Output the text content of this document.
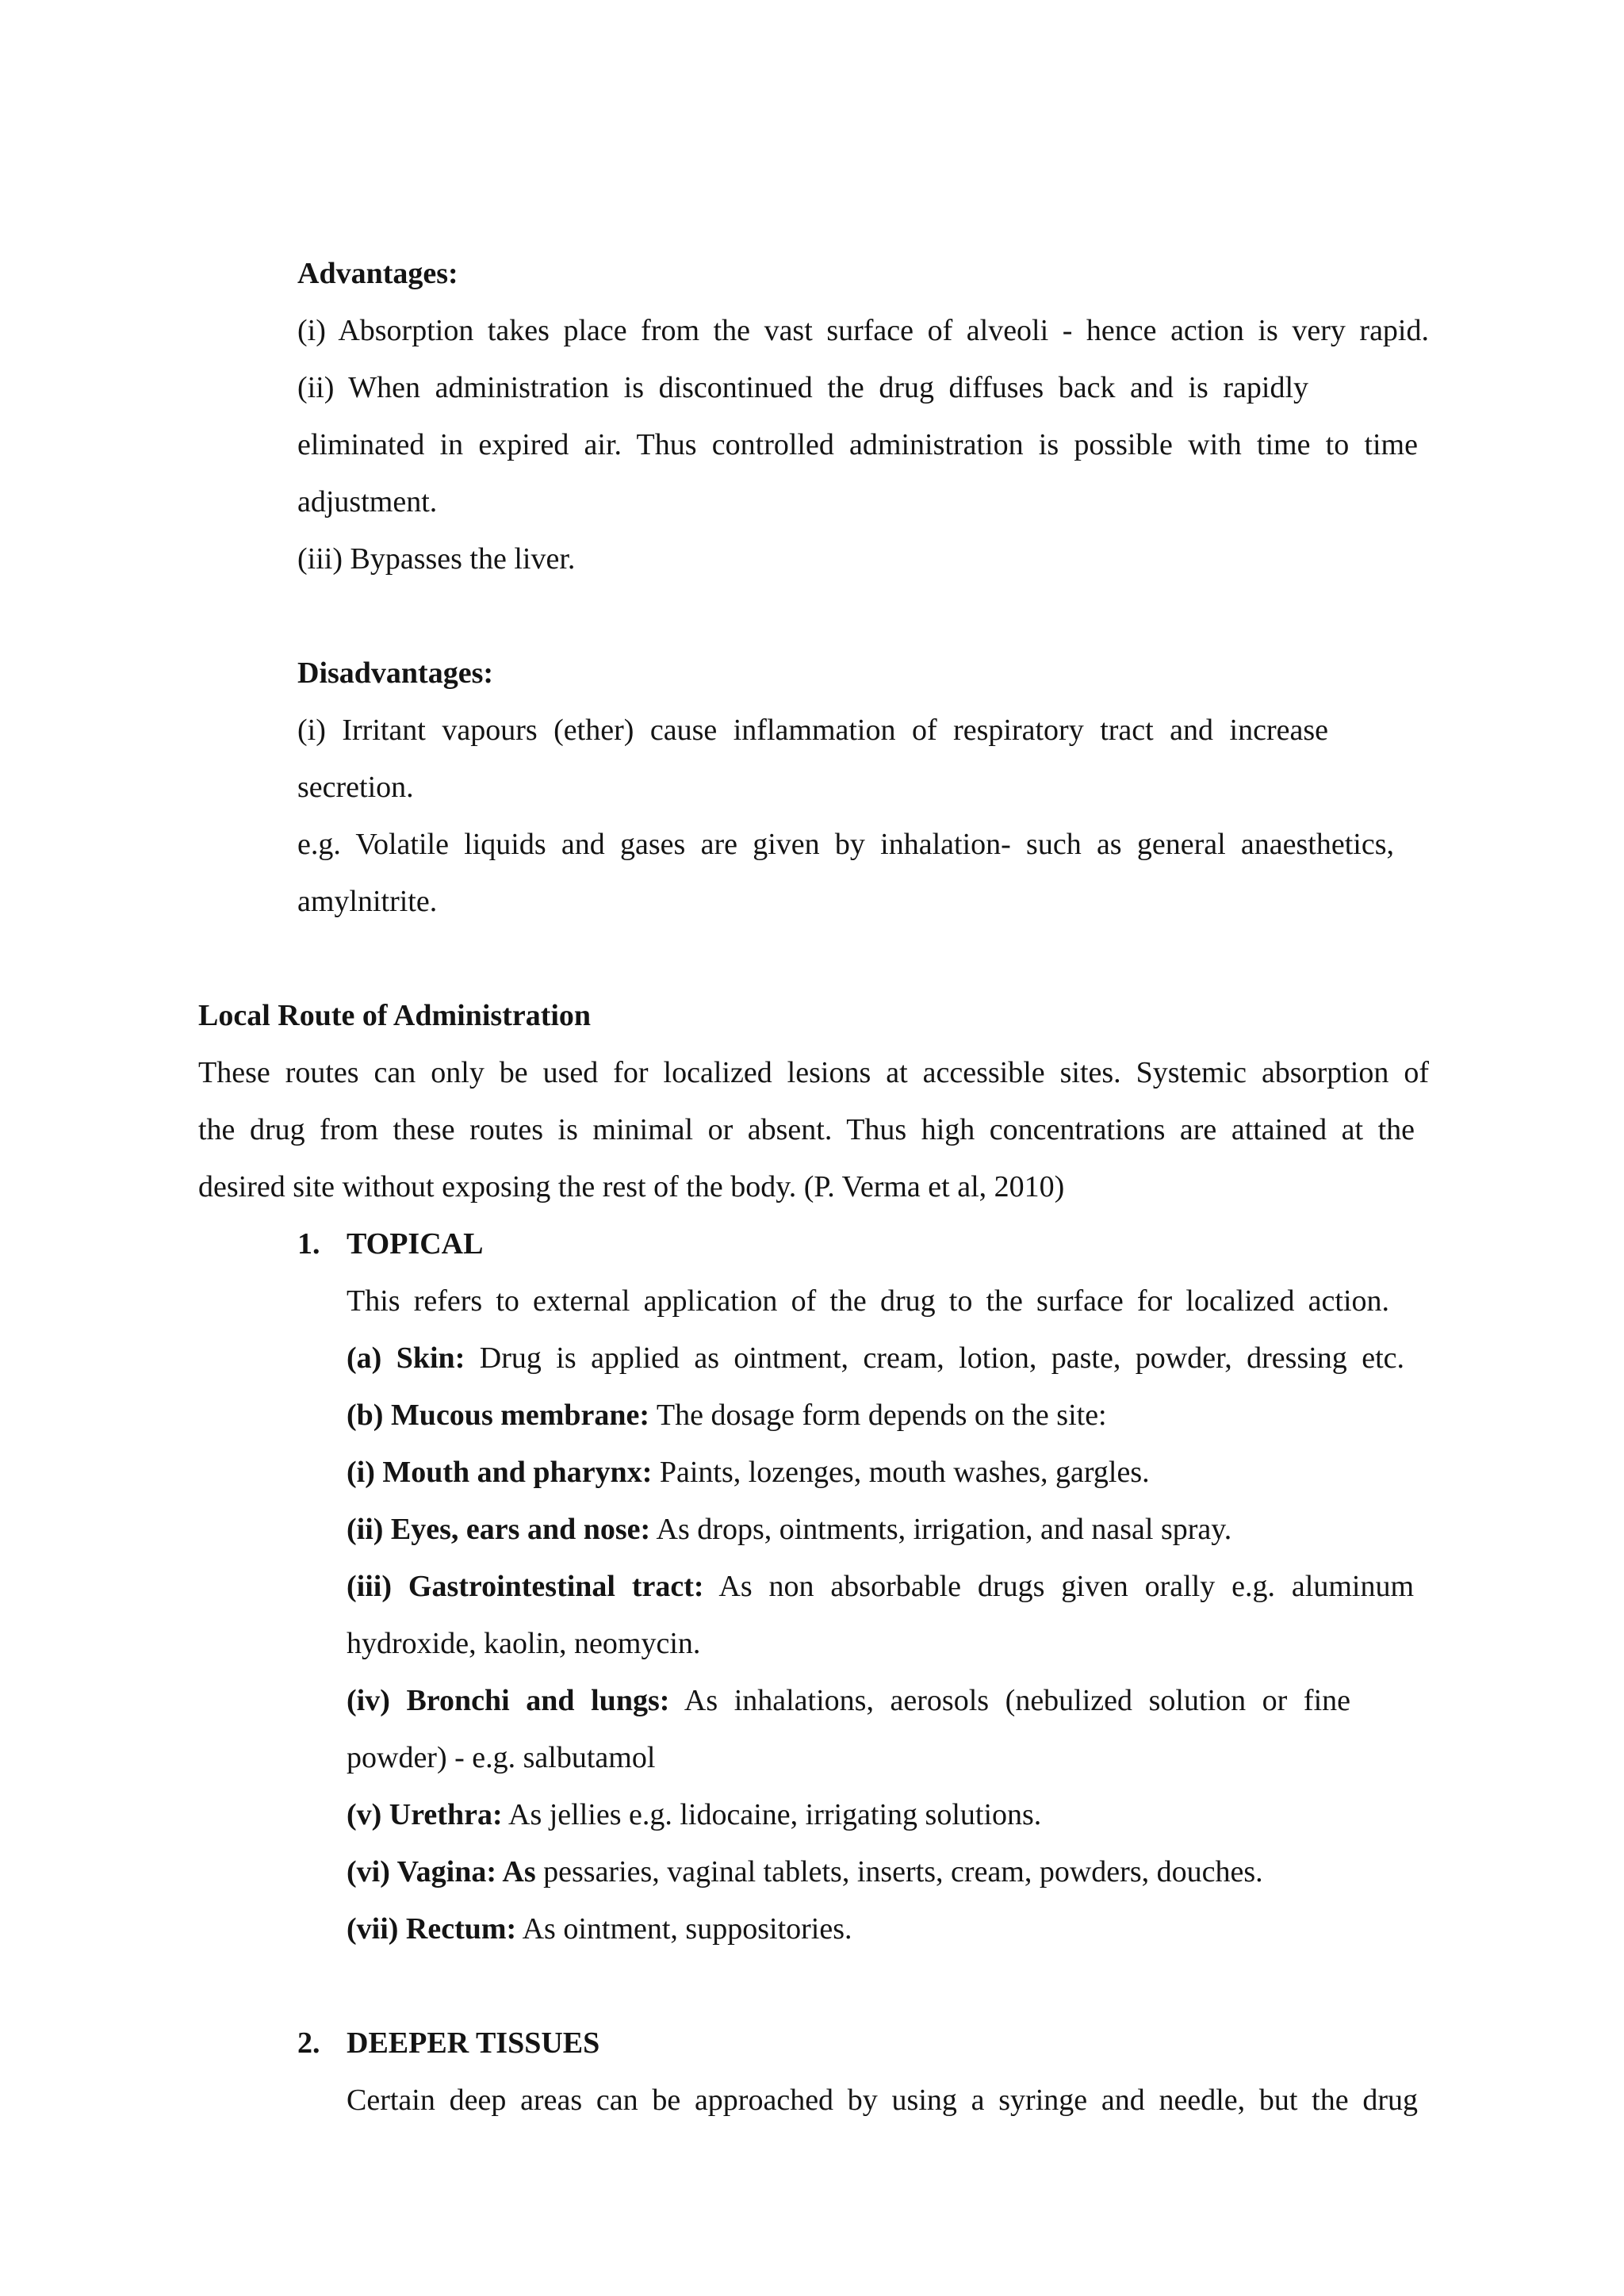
Advantages:
(i) Absorption takes place from the vast surface of alveoli - hence action is very rapid.
(ii) When administration is discontinued the drug diffuses back and is rapidly
eliminated in expired air. Thus controlled administration is possible with time to time
adjustment.
(iii) Bypasses the liver.
Disadvantages:
(i) Irritant vapours (ether) cause inflammation of respiratory tract and increase
secretion.
e.g. Volatile liquids and gases are given by inhalation- such as general anaesthetics,
amylnitrite.
Local Route of Administration
These routes can only be used for localized lesions at accessible sites. Systemic absorption of
the drug from these routes is minimal or absent. Thus high concentrations are attained at the
desired site without exposing the rest of the body. (P. Verma et al, 2010)
1. TOPICAL
This refers to external application of the drug to the surface for localized action.
(a) Skin: Drug is applied as ointment, cream, lotion, paste, powder, dressing etc.
(b) Mucous membrane: The dosage form depends on the site:
(i) Mouth and pharynx: Paints, lozenges, mouth washes, gargles.
(ii) Eyes, ears and nose: As drops, ointments, irrigation, and nasal spray.
(iii) Gastrointestinal tract: As non absorbable drugs given orally e.g. aluminum
hydroxide, kaolin, neomycin.
(iv) Bronchi and lungs: As inhalations, aerosols (nebulized solution or fine
powder) - e.g. salbutamol
(v) Urethra: As jellies e.g. lidocaine, irrigating solutions.
(vi) Vagina: As pessaries, vaginal tablets, inserts, cream, powders, douches.
(vii) Rectum: As ointment, suppositories.
2. DEEPER TISSUES
Certain deep areas can be approached by using a syringe and needle, but the drug
